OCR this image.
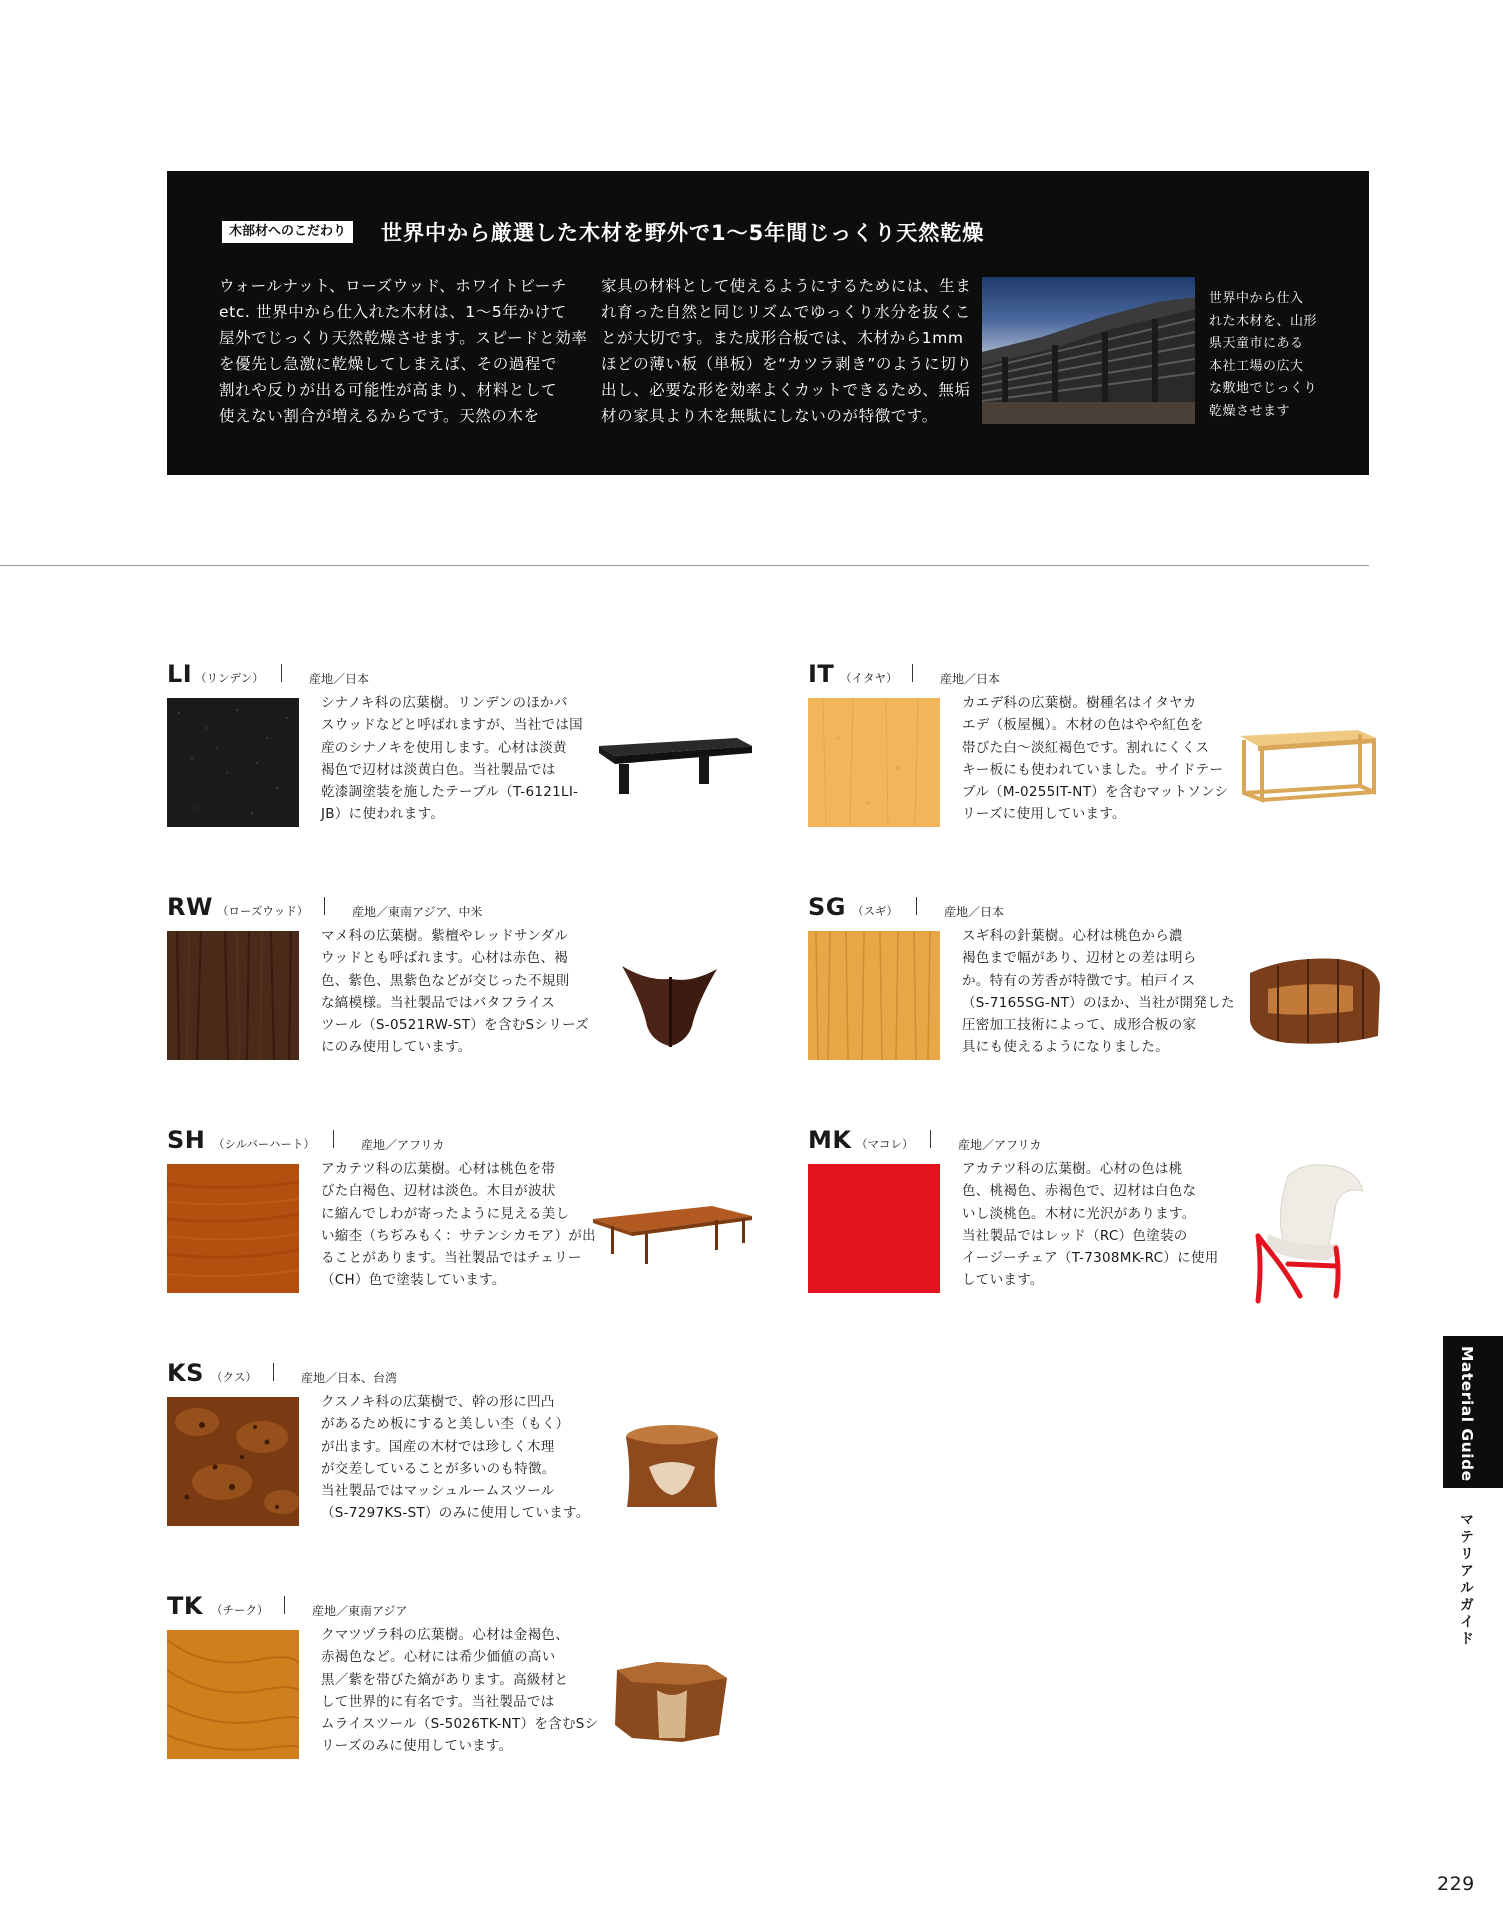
木部材へのこだわり	世界中から厳選した木材を野外で1〜5年間じっくり天然乾燥
ウォールナット、ローズウッド、ホワイトビーチ
etc. 世界中から仕入れた木材は、1〜5年かけて
屋外でじっくり天然乾燥させます。スピードと効率
を優先し急激に乾燥してしまえば、その過程で
割れや反りが出る可能性が高まり、材料として
使えない割合が増えるからです。天然の木を
家具の材料として使えるようにするためには、生ま
れ育った自然と同じリズムでゆっくり水分を抜くこ
とが大切です。また成形合板では、木材から1mm
ほどの薄い板（単板）を“カツラ剥き”のように切り
出し、必要な形を効率よくカットできるため、無垢
材の家具より木を無駄にしないのが特徴です。
世界中から仕入
れた木材を、山形
県天童市にある
本社工場の広大
な敷地でじっくり
乾燥させます
LI （リンデン）	産地／日本
シナノキ科の広葉樹。リンデンのほかバ
スウッドなどと呼ばれますが、当社では国
産のシナノキを使用します。心材は淡黄
褐色で辺材は淡黄白色。当社製品では
乾漆調塗装を施したテーブル（T-6121LI-
JB）に使われます。
RW （ローズウッド）	産地／東南アジア、中米
マメ科の広葉樹。紫檀やレッドサンダル
ウッドとも呼ばれます。心材は赤色、褐
色、紫色、黒紫色などが交じった不規則
な縞模様。当社製品ではバタフライス
ツール（S-0521RW-ST）を含むSシリーズ
にのみ使用しています。
SH （シルバーハート）	産地／アフリカ
アカテツ科の広葉樹。心材は桃色を帯
びた白褐色、辺材は淡色。木目が波状
に縮んでしわが寄ったように見える美し
い縮杢（ちぢみもく：サテンシカモア）が出
ることがあります。当社製品ではチェリー
（CH）色で塗装しています。
KS （クス）	産地／日本、台湾
クスノキ科の広葉樹で、幹の形に凹凸
があるため板にすると美しい杢（もく）
が出ます。国産の木材では珍しく木理
が交差していることが多いのも特徴。
当社製品ではマッシュルームスツール
（S-7297KS-ST）のみに使用しています。
TK （チーク）	産地／東南アジア
クマツヅラ科の広葉樹。心材は金褐色、
赤褐色など。心材には希少価値の高い
黒／紫を帯びた縞があります。高級材と
して世界的に有名です。当社製品では
ムライスツール（S-5026TK-NT）を含むSシ
リーズのみに使用しています。
IT （イタヤ）	産地／日本
カエデ科の広葉樹。樹種名はイタヤカ
エデ（板屋楓）。木材の色はやや紅色を
帯びた白〜淡紅褐色です。割れにくくス
キー板にも使われていました。サイドテー
ブル（M-0255IT-NT）を含むマットソンシ
リーズに使用しています。
SG （スギ）	産地／日本
スギ科の針葉樹。心材は桃色から濃
褐色まで幅があり、辺材との差は明ら
か。特有の芳香が特徴です。柏戸イス
（S-7165SG-NT）のほか、当社が開発した
圧密加工技術によって、成形合板の家
具にも使えるようになりました。
MK （マコレ）	産地／アフリカ
アカテツ科の広葉樹。心材の色は桃
色、桃褐色、赤褐色で、辺材は白色な
いし淡桃色。木材に光沢があります。
当社製品ではレッド（RC）色塗装の
イージーチェア（T-7308MK-RC）に使用
しています。
Material Guide
マテリアルガイド
229
